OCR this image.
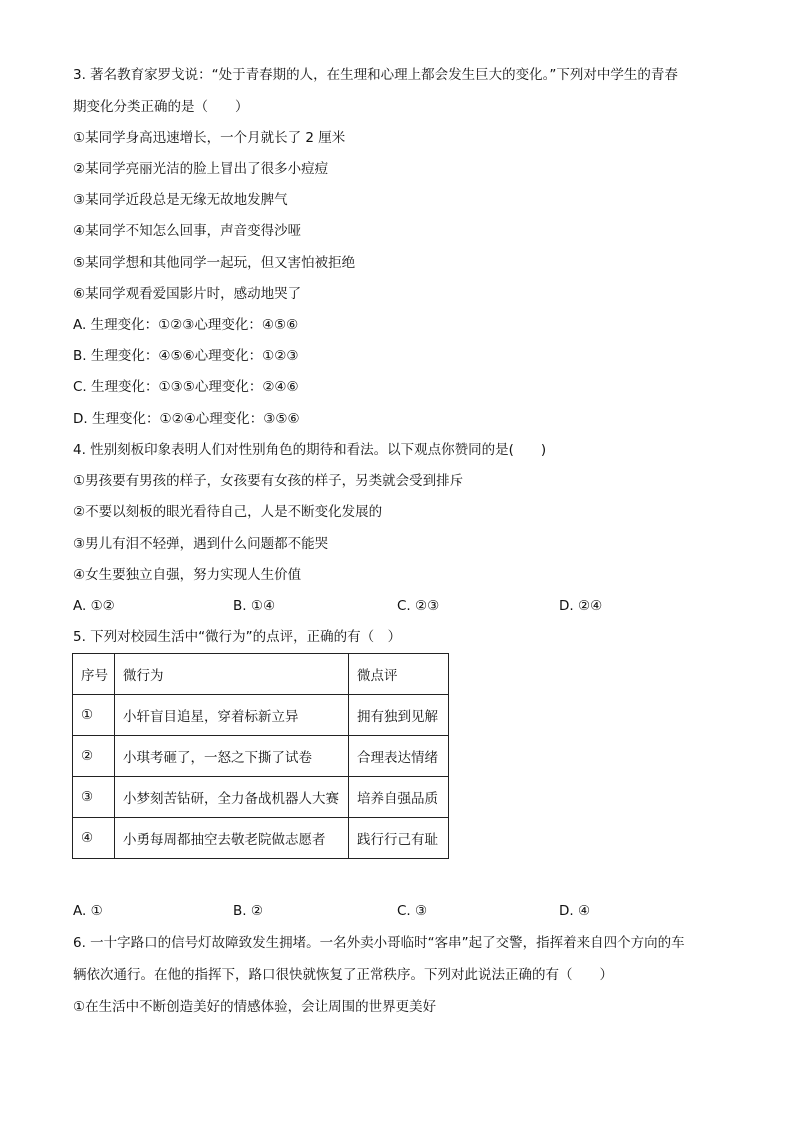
3. 著名教育家罗戈说：“处于青春期的人，在生理和心理上都会发生巨大的变化。”下列对中学生的青春
期变化分类正确的是（　　）
①某同学身高迅速增长，一个月就长了 2 厘米
②某同学亮丽光洁的脸上冒出了很多小痘痘
③某同学近段总是无缘无故地发脾气
④某同学不知怎么回事，声音变得沙哑
⑤某同学想和其他同学一起玩，但又害怕被拒绝
⑥某同学观看爱国影片时，感动地哭了
A. 生理变化：①②③心理变化：④⑤⑥
B. 生理变化：④⑤⑥心理变化：①②③
C. 生理变化：①③⑤心理变化：②④⑥
D. 生理变化：①②④心理变化：③⑤⑥
4. 性别刻板印象表明人们对性别角色的期待和看法。以下观点你赞同的是(　　)
①男孩要有男孩的样子，女孩要有女孩的样子，另类就会受到排斥
②不要以刻板的眼光看待自己，人是不断变化发展的
③男儿有泪不轻弹，遇到什么问题都不能哭
④女生要独立自强，努力实现人生价值
A. ①②	B. ①④	C. ②③	D. ②④
5. 下列对校园生活中“微行为”的点评，正确的有（　）
序号	微行为	微点评
①	小轩盲目追星，穿着标新立异	拥有独到见解
②	小琪考砸了，一怒之下撕了试卷	合理表达情绪
③	小梦刻苦钻研，全力备战机器人大赛	培养自强品质
④	小勇每周都抽空去敬老院做志愿者	践行行己有耻
A. ①	B. ②	C. ③	D. ④
6. 一十字路口的信号灯故障致发生拥堵。一名外卖小哥临时“客串”起了交警，指挥着来自四个方向的车
辆依次通行。在他的指挥下，路口很快就恢复了正常秩序。下列对此说法正确的有（　　）
①在生活中不断创造美好的情感体验，会让周围的世界更美好
